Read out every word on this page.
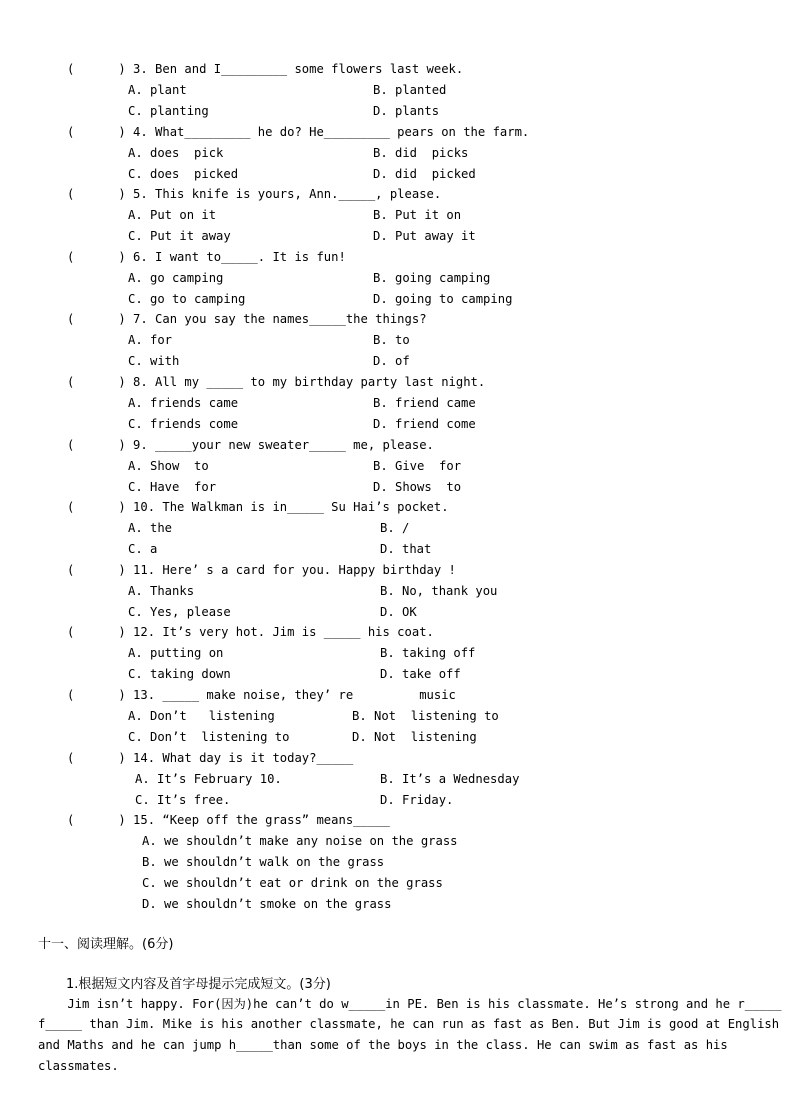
(      ) 3. Ben and I_________ some flowers last week.
A. plant	B. planted
C. planting	D. plants
(      ) 4. What_________ he do? He_________ pears on the farm.
A. does  pick	B. did  picks
C. does  picked	D. did  picked
(      ) 5. This knife is yours, Ann._____, please.
A. Put on it	B. Put it on
C. Put it away	D. Put away it
(      ) 6. I want to_____. It is fun!
A. go camping	B. going camping
C. go to camping	D. going to camping
(      ) 7. Can you say the names_____the things?
A. for	B. to
C. with	D. of
(      ) 8. All my _____ to my birthday party last night.
A. friends came	B. friend came
C. friends come	D. friend come
(      ) 9. _____your new sweater_____ me, please.
A. Show  to	B. Give  for
C. Have  for	D. Shows  to
(      ) 10. The Walkman is in_____ Su Hai’s pocket.
A. the	B. /
C. a	D. that
(      ) 11. Here’ s a card for you. Happy birthday !
A. Thanks	B. No, thank you
C. Yes, please	D. OK
(      ) 12. It’s very hot. Jim is _____ his coat.
A. putting on	B. taking off
C. taking down	D. take off
(      ) 13. _____ make noise, they’ re         music
A. Don’t   listening	B. Not  listening to
C. Don’t  listening to	D. Not  listening
(      ) 14. What day is it today?_____
A. It’s February 10.	B. It’s a Wednesday
C. It’s free.	D. Friday.
(      ) 15. “Keep off the grass” means_____
A. we shouldn’t make any noise on the grass
B. we shouldn’t walk on the grass
C. we shouldn’t eat or drink on the grass
D. we shouldn’t smoke on the grass
十一、阅读理解。(6分)
1.根据短文内容及首字母提示完成短文。(3分)
Jim isn’t happy. For(因为)he can’t do w_____in PE. Ben is his classmate. He’s strong and he r_____
f_____ than Jim. Mike is his another classmate, he can run as fast as Ben. But Jim is good at English
and Maths and he can jump h_____than some of the boys in the class. He can swim as fast as his
classmates.
